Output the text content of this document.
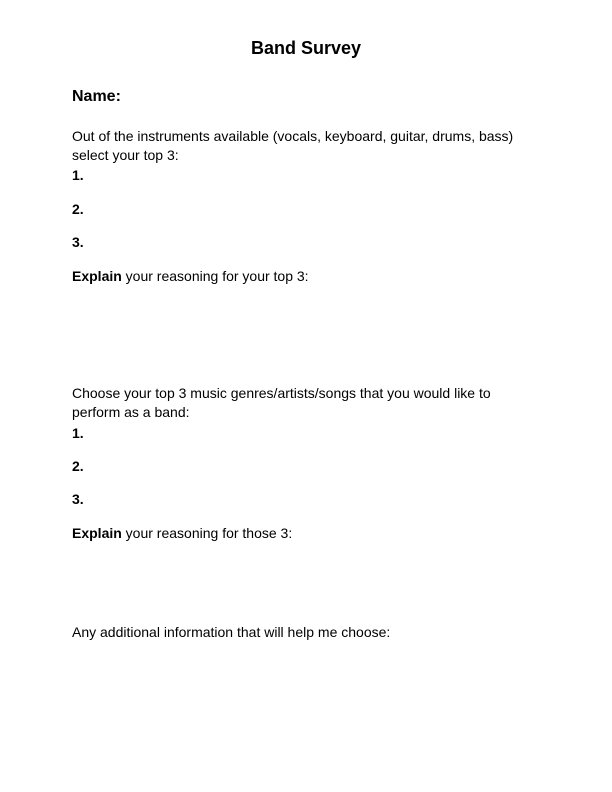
Band Survey
Name:
Out of the instruments available (vocals, keyboard, guitar, drums, bass)
select your top 3:
1.
2.
3.
Explain your reasoning for your top 3:
Choose your top 3 music genres/artists/songs that you would like to
perform as a band:
1.
2.
3.
Explain your reasoning for those 3:
Any additional information that will help me choose:
